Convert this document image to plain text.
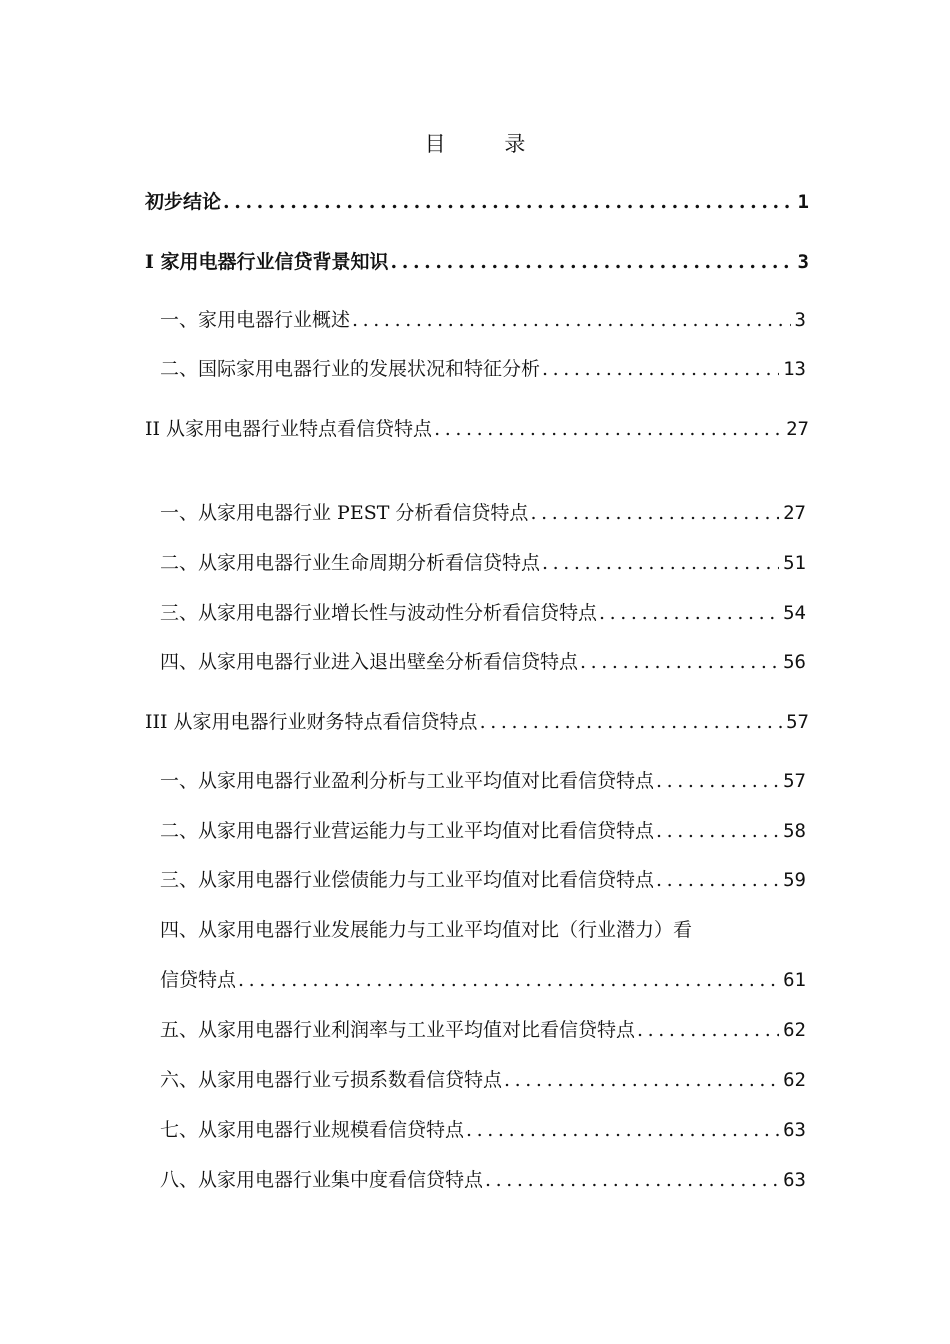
目 录
初步结论 .....	1
I 家用电器行业信贷背景知识 .....	3
一、家用电器行业概述 .....	3
二、国际家用电器行业的发展状况和特征分析 .....	13
II 从家用电器行业特点看信贷特点 .....	27
一、从家用电器行业 PEST 分析看信贷特点 .....	27
二、从家用电器行业生命周期分析看信贷特点 .....	51
三、从家用电器行业增长性与波动性分析看信贷特点 .....	54
四、从家用电器行业进入退出壁垒分析看信贷特点 .....	56
III 从家用电器行业财务特点看信贷特点 .....	57
一、从家用电器行业盈利分析与工业平均值对比看信贷特点 .....	57
二、从家用电器行业营运能力与工业平均值对比看信贷特点 .....	58
三、从家用电器行业偿债能力与工业平均值对比看信贷特点 .....	59
四、从家用电器行业发展能力与工业平均值对比（行业潜力）看
信贷特点 .....	61
五、从家用电器行业利润率与工业平均值对比看信贷特点 .....	62
六、从家用电器行业亏损系数看信贷特点 .....	62
七、从家用电器行业规模看信贷特点 .....	63
八、从家用电器行业集中度看信贷特点 .....	63
